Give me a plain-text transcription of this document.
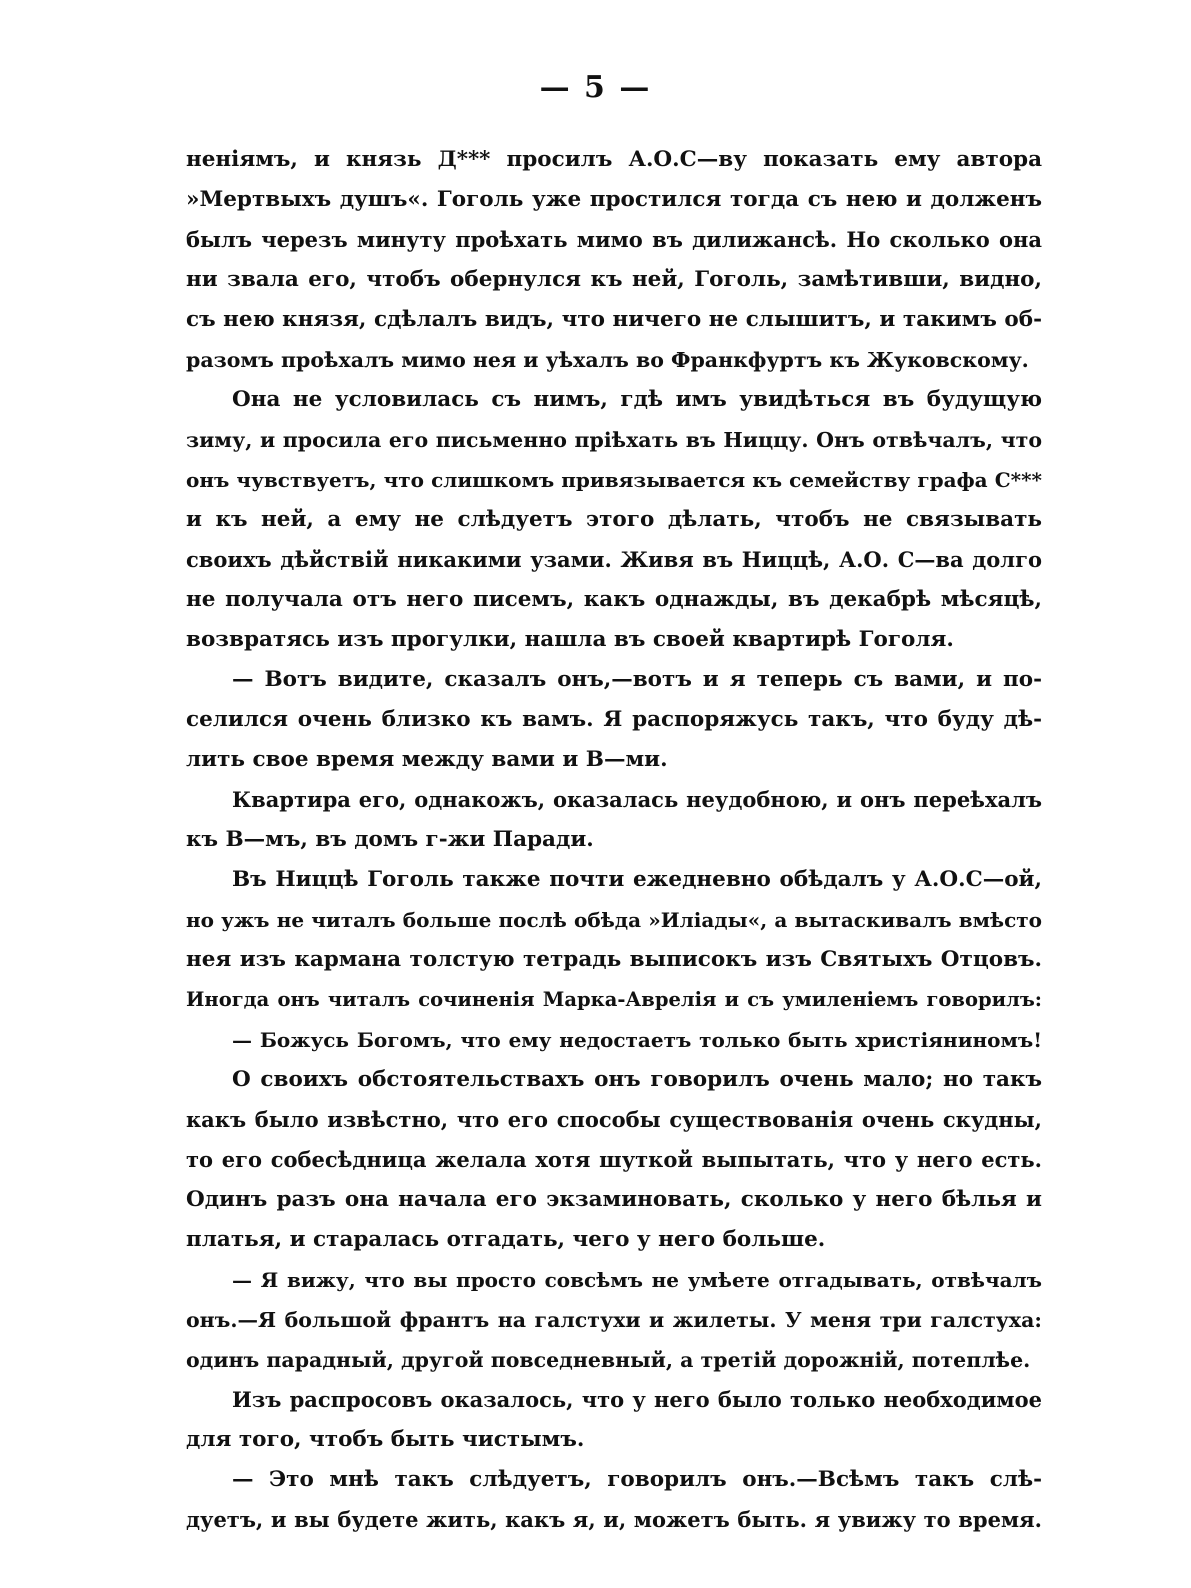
— 5 —
неніямъ, и князь Д*** просилъ А.О.С—ву показать ему автора
»Мертвыхъ душъ«. Гоголь уже простился тогда съ нею и долженъ
былъ черезъ минуту проѣхать мимо въ дилижансѣ. Но сколько она
ни звала его, чтобъ обернулся къ ней, Гоголь, замѣтивши, видно,
съ нею князя, сдѣлалъ видъ, что ничего не слышитъ, и такимъ об-
разомъ проѣхалъ мимо нея и уѣхалъ во Франкфуртъ къ Жуковскому.
Она не условилась съ нимъ, гдѣ имъ увидѣться въ будущую
зиму, и просила его письменно пріѣхать въ Ниццу. Онъ отвѣчалъ, что
онъ чувствуетъ, что слишкомъ привязывается къ семейству графа С***
и къ ней, а ему не слѣдуетъ этого дѣлать, чтобъ не связывать
своихъ дѣйствій никакими узами. Живя въ Ниццѣ, А.О. С—ва долго
не получала отъ него писемъ, какъ однажды, въ декабрѣ мѣсяцѣ,
возвратясь изъ прогулки, нашла въ своей квартирѣ Гоголя.
— Вотъ видите, сказалъ онъ,—вотъ и я теперь съ вами, и по-
селился очень близко къ вамъ. Я распоряжусь такъ, что буду дѣ-
лить свое время между вами и В—ми.
Квартира его, однакожъ, оказалась неудобною, и онъ переѣхалъ
къ В—мъ, въ домъ г-жи Паради.
Въ Ниццѣ Гоголь также почти ежедневно обѣдалъ у А.О.С—ой,
но ужъ не читалъ больше послѣ обѣда »Иліады«, а вытаскивалъ вмѣсто
нея изъ кармана толстую тетрадь выписокъ изъ Святыхъ Отцовъ.
Иногда онъ читалъ сочиненія Марка-Аврелія и съ умиленіемъ говорилъ:
— Божусь Богомъ, что ему недостаетъ только быть христіяниномъ!
О своихъ обстоятельствахъ онъ говорилъ очень мало; но такъ
какъ было извѣстно, что его способы существованія очень скудны,
то его собесѣдница желала хотя шуткой выпытать, что у него есть.
Одинъ разъ она начала его экзаминовать, сколько у него бѣлья и
платья, и старалась отгадать, чего у него больше.
— Я вижу, что вы просто совсѣмъ не умѣете отгадывать, отвѣчалъ
онъ.—Я большой франтъ на галстухи и жилеты. У меня три галстуха:
одинъ парадный, другой повседневный, а третій дорожній, потеплѣе.
Изъ распросовъ оказалось, что у него было только необходимое
для того, чтобъ быть чистымъ.
— Это мнѣ такъ слѣдуетъ, говорилъ онъ.—Всѣмъ такъ слѣ-
дуетъ, и вы будете жить, какъ я, и, можетъ быть. я увижу то время.
